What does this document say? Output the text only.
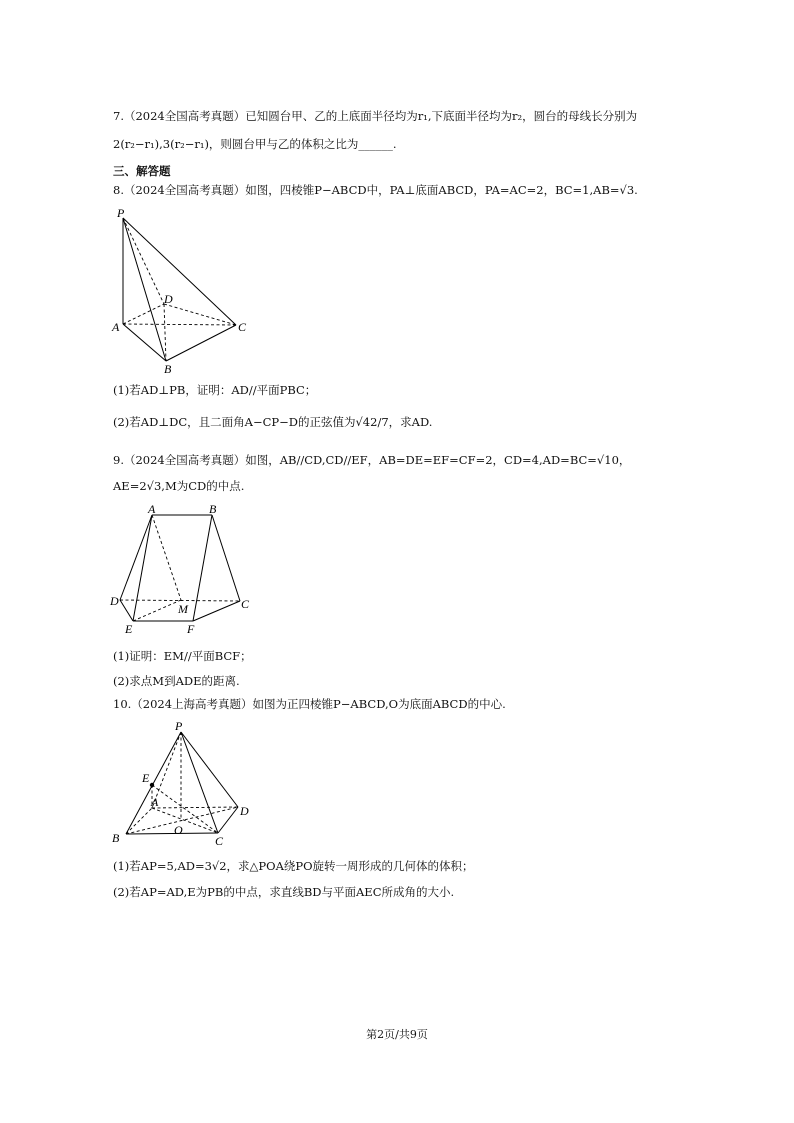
7.（2024全国高考真题）已知圆台甲、乙的上底面半径均为r₁,下底面半径均为r₂，圆台的母线长分别为
2(r₂−r₁),3(r₂−r₁)，则圆台甲与乙的体积之比为______.
三、解答题
8.（2024全国高考真题）如图，四棱锥P−ABCD中，PA⊥底面ABCD，PA=AC=2，BC=1,AB=√3.
P
D
A	C
B
(1)若AD⊥PB，证明：AD//平面PBC；
(2)若AD⊥DC，且二面角A−CP−D的正弦值为√42/7，求AD.
9.（2024全国高考真题）如图，AB//CD,CD//EF，AB=DE=EF=CF=2，CD=4,AD=BC=√10，
AE=2√3,M为CD的中点.
A	B
D
M	C
E	F
(1)证明：EM//平面BCF；
(2)求点M到ADE的距离.
10.（2024上海高考真题）如图为正四棱锥P−ABCD,O为底面ABCD的中心.
P
E
A
D
B
O
C
(1)若AP=5,AD=3√2，求△POA绕PO旋转一周形成的几何体的体积；
(2)若AP=AD,E为PB的中点，求直线BD与平面AEC所成角的大小.
第2页/共9页
